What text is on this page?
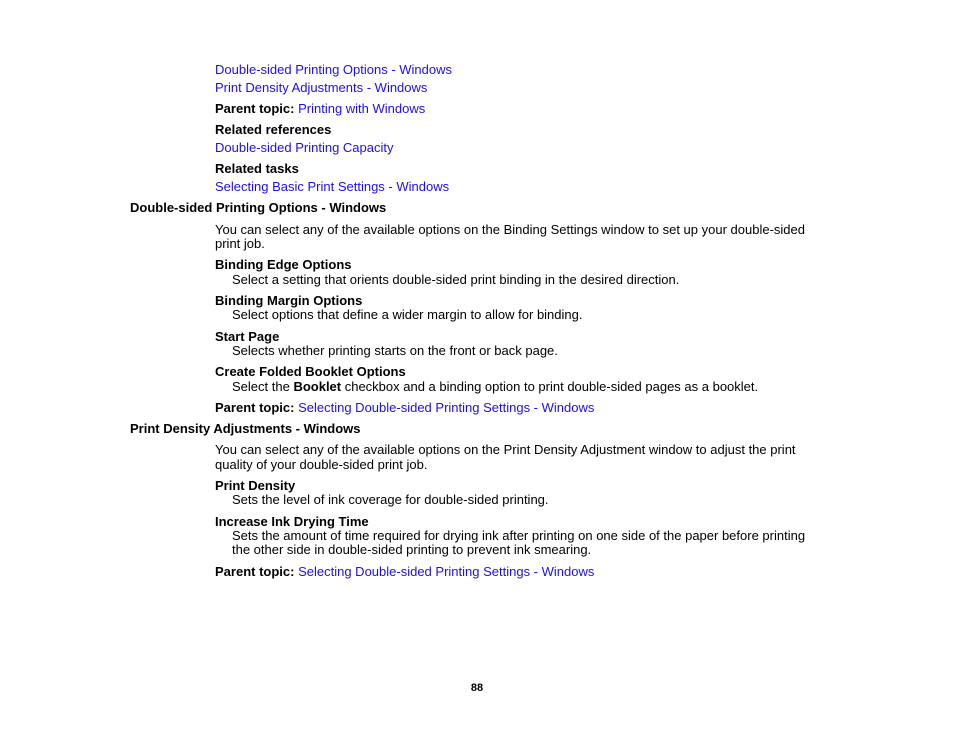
Double-sided Printing Options - Windows
Print Density Adjustments - Windows
Parent topic: Printing with Windows
Related references
Double-sided Printing Capacity
Related tasks
Selecting Basic Print Settings - Windows
Double-sided Printing Options - Windows
You can select any of the available options on the Binding Settings window to set up your double-sided
print job.
Binding Edge Options
Select a setting that orients double-sided print binding in the desired direction.
Binding Margin Options
Select options that define a wider margin to allow for binding.
Start Page
Selects whether printing starts on the front or back page.
Create Folded Booklet Options
Select the Booklet checkbox and a binding option to print double-sided pages as a booklet.
Parent topic: Selecting Double-sided Printing Settings - Windows
Print Density Adjustments - Windows
You can select any of the available options on the Print Density Adjustment window to adjust the print
quality of your double-sided print job.
Print Density
Sets the level of ink coverage for double-sided printing.
Increase Ink Drying Time
Sets the amount of time required for drying ink after printing on one side of the paper before printing
the other side in double-sided printing to prevent ink smearing.
Parent topic: Selecting Double-sided Printing Settings - Windows
88
